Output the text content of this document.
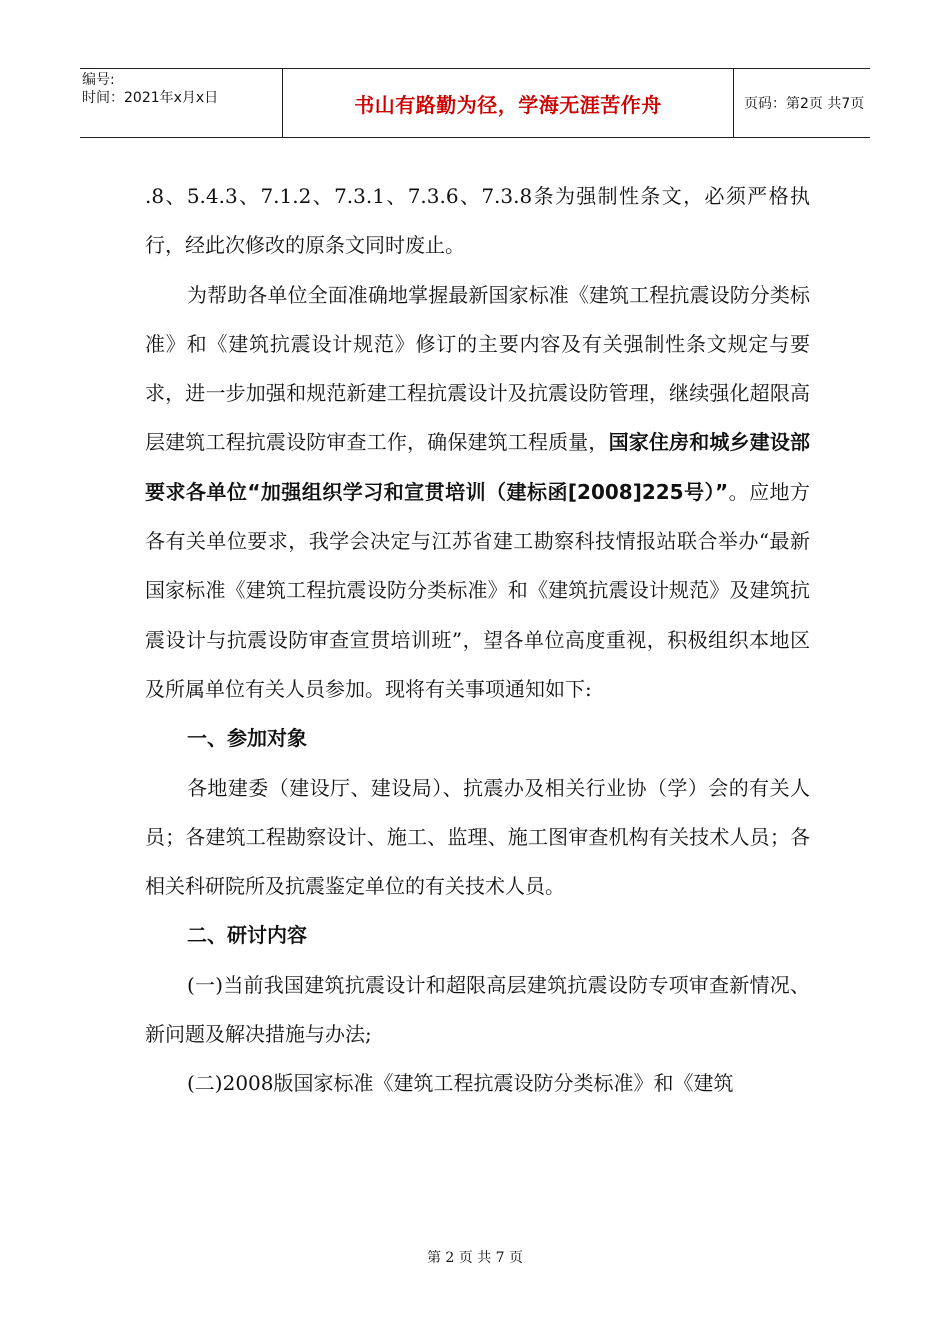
编号:
时间：2021年x月x日	书山有路勤为径，学海无涯苦作舟	页码：第2页 共7页

.8、5.4.3、7.1.2、7.3.1、7.3.6、7.3.8条为强制性条文，必须严格执行，经此次修改的原条文同时废止。

为帮助各单位全面准确地掌握最新国家标准《建筑工程抗震设防分类标准》和《建筑抗震设计规范》修订的主要内容及有关强制性条文规定与要求，进一步加强和规范新建工程抗震设计及抗震设防管理，继续强化超限高层建筑工程抗震设防审查工作，确保建筑工程质量，国家住房和城乡建设部要求各单位“加强组织学习和宣贯培训（建标函[2008]225号）”。应地方各有关单位要求，我学会决定与江苏省建工勘察科技情报站联合举办“最新国家标准《建筑工程抗震设防分类标准》和《建筑抗震设计规范》及建筑抗震设计与抗震设防审查宣贯培训班”，望各单位高度重视，积极组织本地区及所属单位有关人员参加。现将有关事项通知如下:

一、参加对象

各地建委（建设厅、建设局）、抗震办及相关行业协（学）会的有关人员；各建筑工程勘察设计、施工、监理、施工图审查机构有关技术人员；各相关科研院所及抗震鉴定单位的有关技术人员。

二、研讨内容

(一)当前我国建筑抗震设计和超限高层建筑抗震设防专项审查新情况、新问题及解决措施与办法;

(二)2008版国家标准《建筑工程抗震设防分类标准》和《建筑

第 2 页 共 7 页
